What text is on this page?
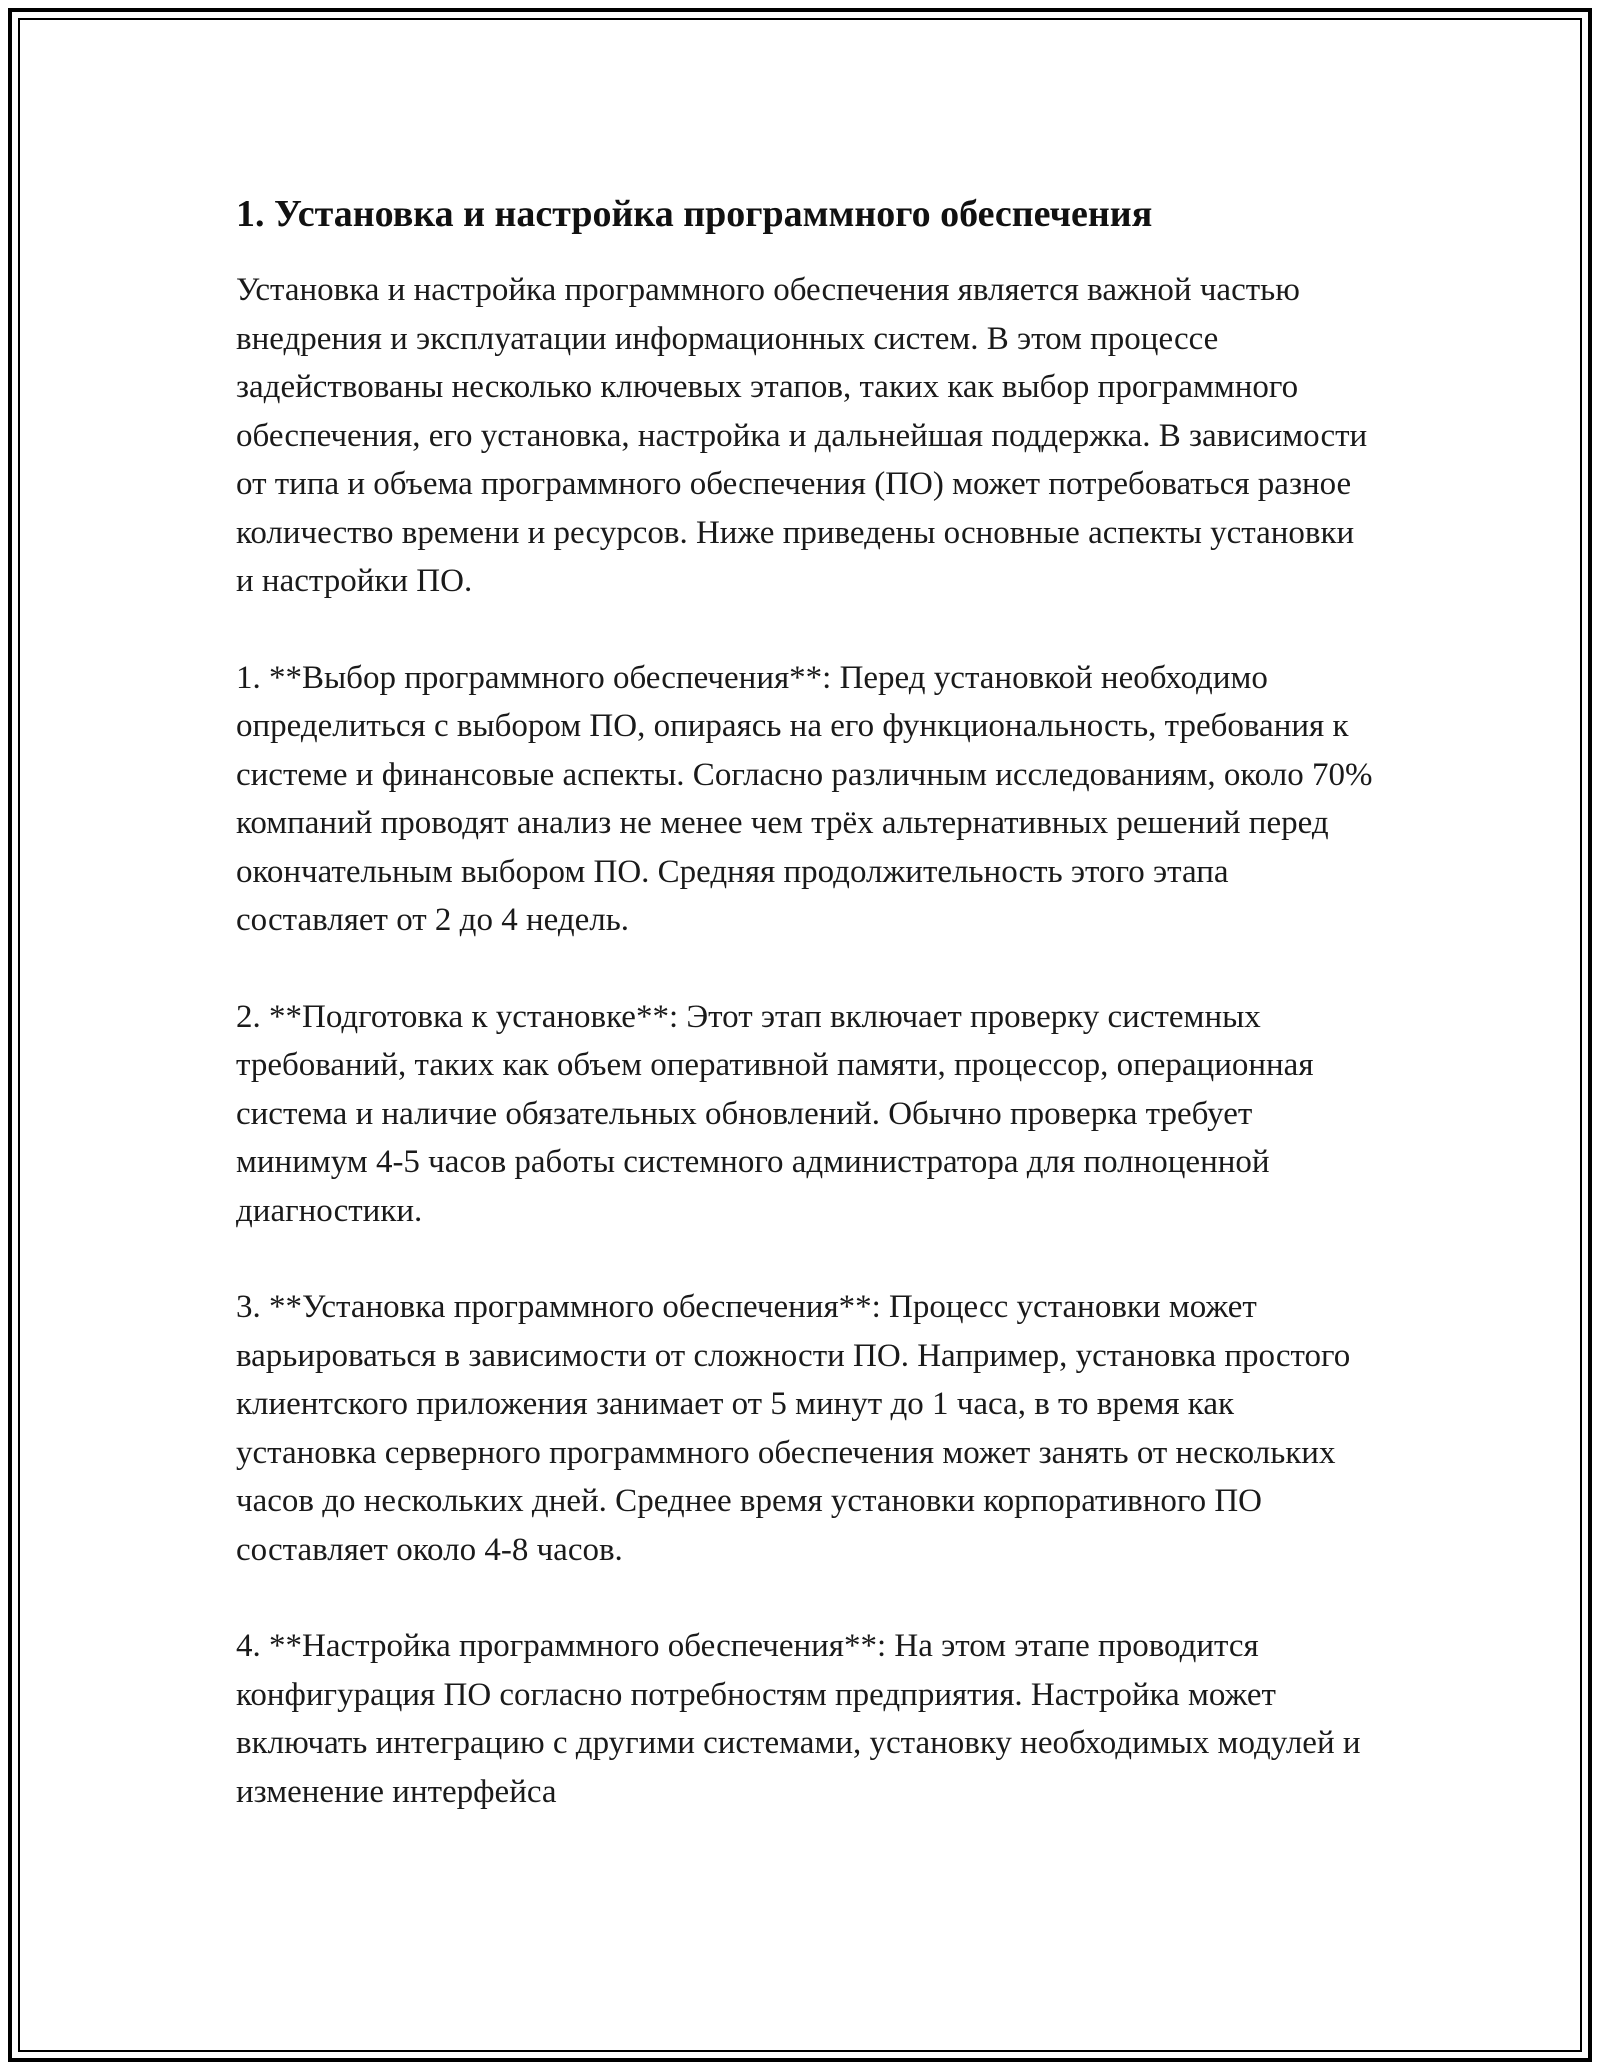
1. Установка и настройка программного обеспечения

Установка и настройка программного обеспечения является важной частью внедрения и эксплуатации информационных систем. В этом процессе задействованы несколько ключевых этапов, таких как выбор программного обеспечения, его установка, настройка и дальнейшая поддержка. В зависимости от типа и объема программного обеспечения (ПО) может потребоваться разное количество времени и ресурсов. Ниже приведены основные аспекты установки и настройки ПО.

1. **Выбор программного обеспечения**: Перед установкой необходимо определиться с выбором ПО, опираясь на его функциональность, требования к системе и финансовые аспекты. Согласно различным исследованиям, около 70% компаний проводят анализ не менее чем трёх альтернативных решений перед окончательным выбором ПО. Средняя продолжительность этого этапа составляет от 2 до 4 недель.

2. **Подготовка к установке**: Этот этап включает проверку системных требований, таких как объем оперативной памяти, процессор, операционная система и наличие обязательных обновлений. Обычно проверка требует минимум 4-5 часов работы системного администратора для полноценной диагностики.

3. **Установка программного обеспечения**: Процесс установки может варьироваться в зависимости от сложности ПО. Например, установка простого клиентского приложения занимает от 5 минут до 1 часа, в то время как установка серверного программного обеспечения может занять от нескольких часов до нескольких дней. Среднее время установки корпоративного ПО составляет около 4-8 часов.

4. **Настройка программного обеспечения**: На этом этапе проводится конфигурация ПО согласно потребностям предприятия. Настройка может включать интеграцию с другими системами, установку необходимых модулей и изменение интерфейса
